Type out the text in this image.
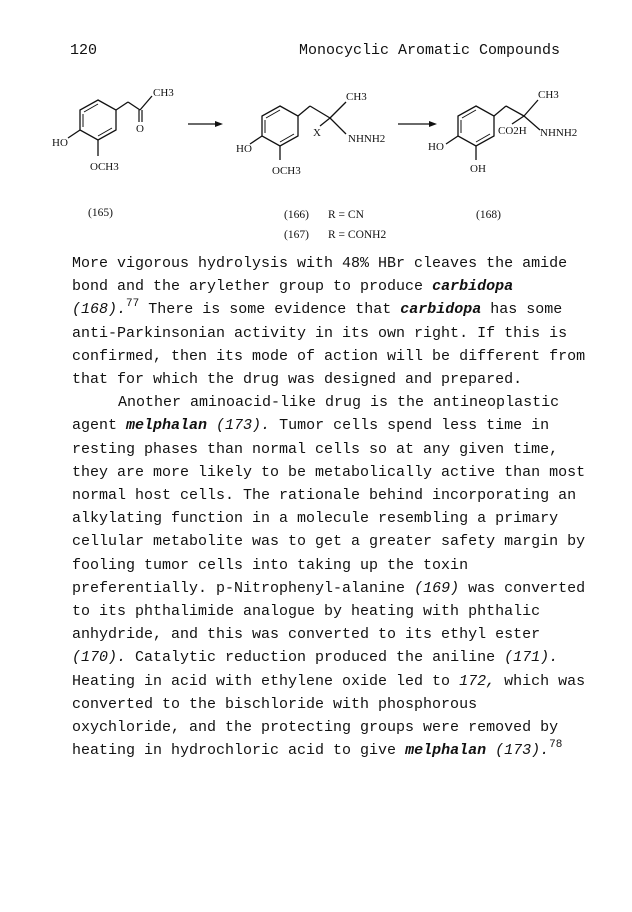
120	Monocyclic Aromatic Compounds
CH3
O
HO
OCH3
(165)
CH3
X NHNH2
HO
OCH3
(166) R = CN
(167) R = CONH2
CH3
CO2H NHNH2
HO
OH
(168)

More vigorous hydrolysis with 48% HBr cleaves the amide bond and the arylether group to produce carbidopa
(168).$^{77}$ There is some evidence that carbidopa has some anti-Parkinsonian activity in its own right. If this is confirmed, then its mode of action will be different from that for which the drug was designed and prepared.

Another aminoacid-like drug is the antineoplastic agent melphalan (173). Tumor cells spend less time in resting phases than normal cells so at any given time, they are more likely to be metabolically active than most normal host cells. The rationale behind incorporating an alkylating function in a molecule resembling a primary cellular metabolite was to get a greater safety margin by fooling tumor cells into taking up the toxin preferentially. p-Nitrophenyl-alanine (169) was converted to its phthalimide analogue by heating with phthalic anhydride, and this was converted to its ethyl ester (170). Catalytic reduction produced the aniline (171). Heating in acid with ethylene oxide led to 172, which was converted to the bischloride with phosphorous oxychloride, and the protecting groups were removed by heating in hydrochloric acid to give melphalan (173).$^{78}$
